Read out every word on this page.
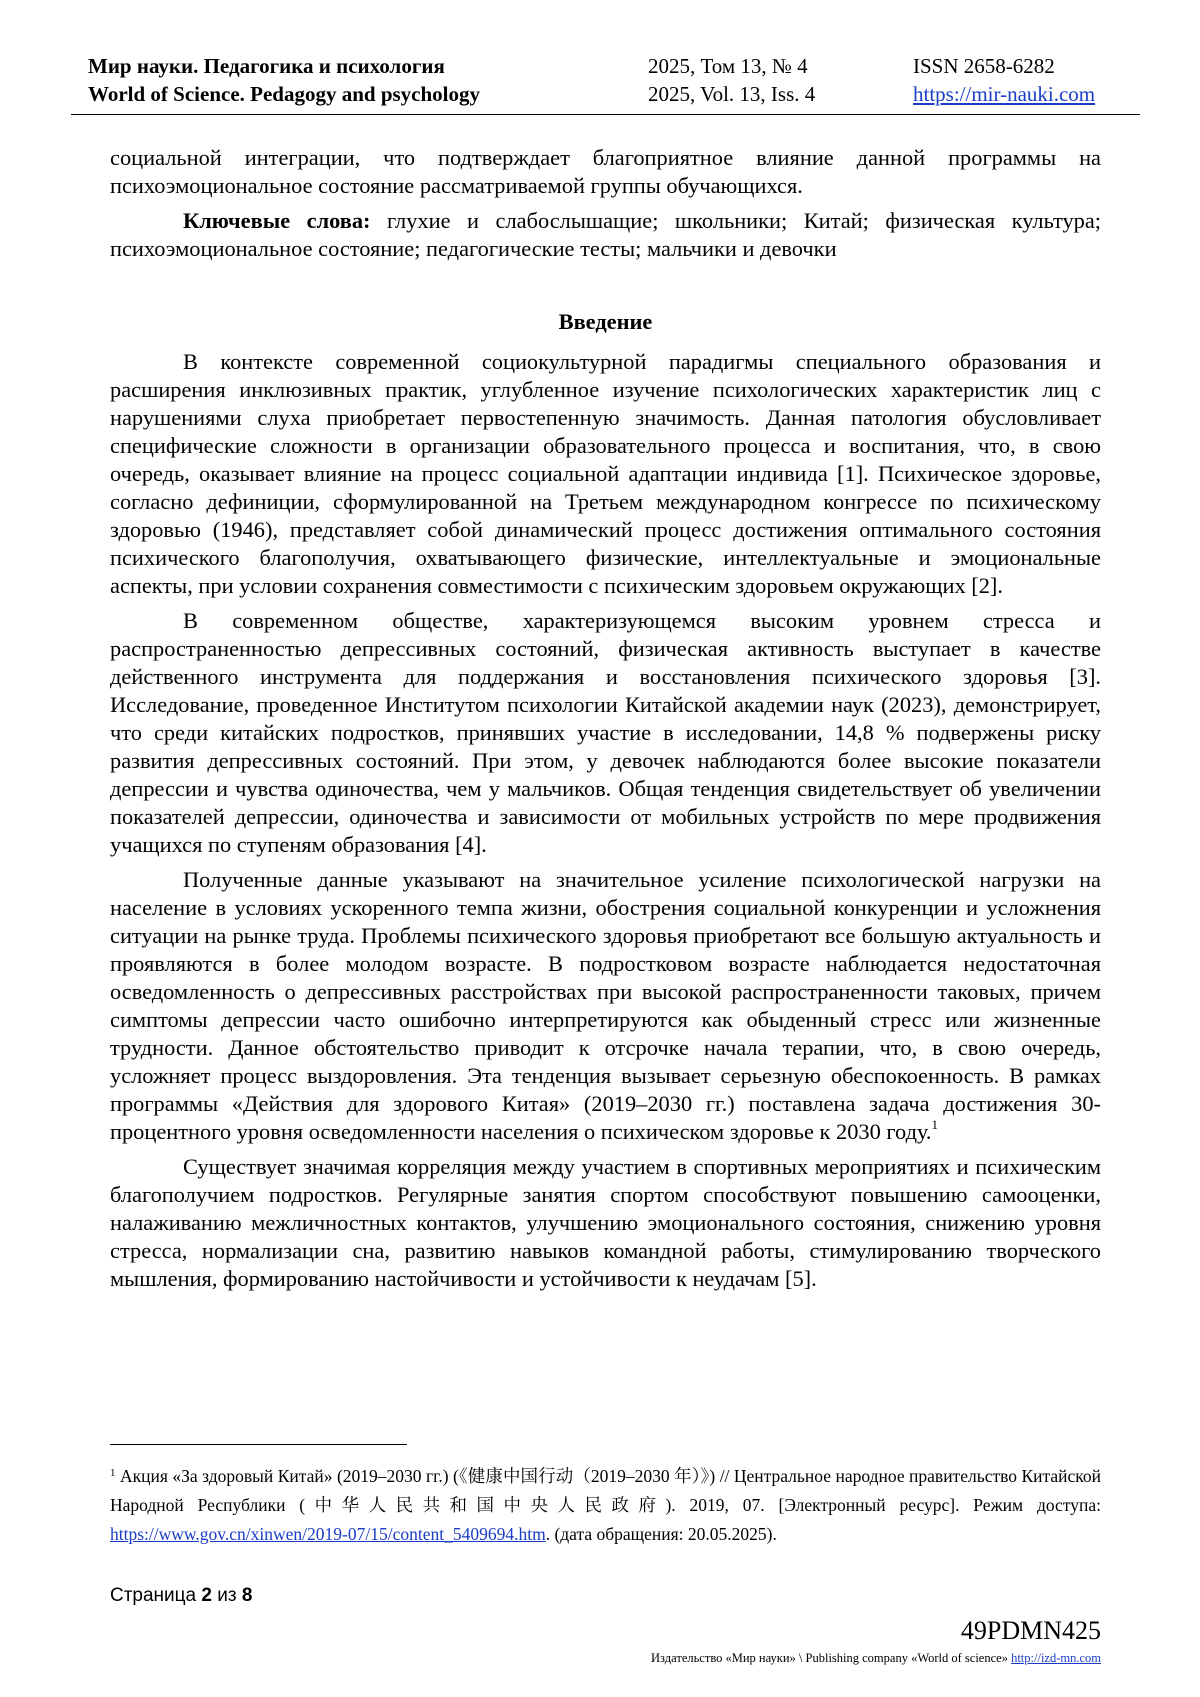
Мир науки. Педагогика и психология
World of Science. Pedagogy and psychology
2025, Том 13, № 4
2025, Vol. 13, Iss. 4
ISSN 2658-6282
https://mir-nauki.com

социальной интеграции, что подтверждает благоприятное влияние данной программы на психоэмоциональное состояние рассматриваемой группы обучающихся.

Ключевые слова: глухие и слабослышащие; школьники; Китай; физическая культура; психоэмоциональное состояние; педагогические тесты; мальчики и девочки

Введение

В контексте современной социокультурной парадигмы специального образования и расширения инклюзивных практик, углубленное изучение психологических характеристик лиц с нарушениями слуха приобретает первостепенную значимость. Данная патология обусловливает специфические сложности в организации образовательного процесса и воспитания, что, в свою очередь, оказывает влияние на процесс социальной адаптации индивида [1]. Психическое здоровье, согласно дефиниции, сформулированной на Третьем международном конгрессе по психическому здоровью (1946), представляет собой динамический процесс достижения оптимального состояния психического благополучия, охватывающего физические, интеллектуальные и эмоциональные аспекты, при условии сохранения совместимости с психическим здоровьем окружающих [2].

В современном обществе, характеризующемся высоким уровнем стресса и распространенностью депрессивных состояний, физическая активность выступает в качестве действенного инструмента для поддержания и восстановления психического здоровья [3]. Исследование, проведенное Институтом психологии Китайской академии наук (2023), демонстрирует, что среди китайских подростков, принявших участие в исследовании, 14,8 % подвержены риску развития депрессивных состояний. При этом, у девочек наблюдаются более высокие показатели депрессии и чувства одиночества, чем у мальчиков. Общая тенденция свидетельствует об увеличении показателей депрессии, одиночества и зависимости от мобильных устройств по мере продвижения учащихся по ступеням образования [4].

Полученные данные указывают на значительное усиление психологической нагрузки на население в условиях ускоренного темпа жизни, обострения социальной конкуренции и усложнения ситуации на рынке труда. Проблемы психического здоровья приобретают все большую актуальность и проявляются в более молодом возрасте. В подростковом возрасте наблюдается недостаточная осведомленность о депрессивных расстройствах при высокой распространенности таковых, причем симптомы депрессии часто ошибочно интерпретируются как обыденный стресс или жизненные трудности. Данное обстоятельство приводит к отсрочке начала терапии, что, в свою очередь, усложняет процесс выздоровления. Эта тенденция вызывает серьезную обеспокоенность. В рамках программы «Действия для здорового Китая» (2019–2030 гг.) поставлена задача достижения 30-процентного уровня осведомленности населения о психическом здоровье к 2030 году.$^1$

Существует значимая корреляция между участием в спортивных мероприятиях и психическим благополучием подростков. Регулярные занятия спортом способствуют повышению самооценки, налаживанию межличностных контактов, улучшению эмоционального состояния, снижению уровня стресса, нормализации сна, развитию навыков командной работы, стимулированию творческого мышления, формированию настойчивости и устойчивости к неудачам [5].

$^1$ Акция «За здоровый Китай» (2019–2030 гг.) (《健康中国行动（2019–2030 年）》) // Центральное народное правительство Китайской Народной Республики (中华人民共和国中央人民政府). 2019, 07. [Электронный ресурс]. Режим доступа: https://www.gov.cn/xinwen/2019-07/15/content_5409694.htm. (дата обращения: 20.05.2025).
Страница 2 из 8
49PDMN425
Издательство «Мир науки» \ Publishing company «World of science» http://izd-mn.com
